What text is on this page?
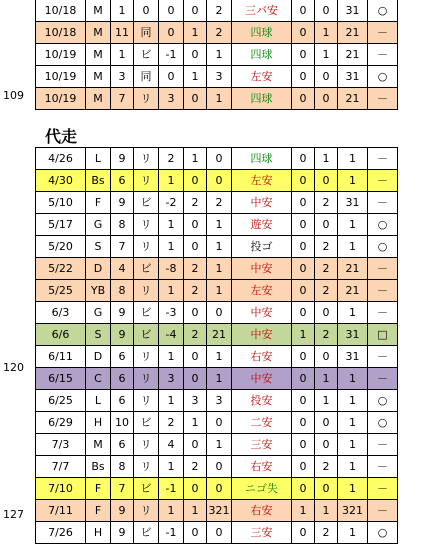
109
代走
120
127
10/18	M	1	0	0	0	2	三バ安	0	0	31	○
10/18	M	11	同	0	1	2	四球	0	1	21	－
10/19	M	1	ビ	-1	0	1	四球	0	1	21	－
10/19	M	3	同	0	1	3	左安	0	0	31	○
10/19	M	7	リ	3	0	1	四球	0	0	21	－
4/26	L	9	リ	2	1	0	四球	0	1	1	－
4/30	Bs	6	リ	1	0	0	左安	0	0	1	－
5/10	F	9	ビ	-2	2	2	中安	0	2	31	－
5/17	G	8	リ	1	0	1	遊安	0	0	1	○
5/20	S	7	リ	1	0	1	投ゴ	0	2	1	○
5/22	D	4	ビ	-8	2	1	中安	0	2	21	－
5/25	YB	8	リ	1	2	1	左安	0	2	21	－
6/3	G	9	ビ	-3	0	0	中安	0	0	1	－
6/6	S	9	ビ	-4	2	21	中安	1	2	31	□
6/11	D	6	リ	1	0	1	右安	0	0	31	－
6/15	C	6	リ	3	0	1	中安	0	1	1	－
6/25	L	6	リ	1	3	3	投安	0	1	1	○
6/29	H	10	ビ	2	1	0	二安	0	0	1	○
7/3	M	6	リ	4	0	1	三安	0	0	1	－
7/7	Bs	8	リ	1	2	0	右安	0	2	1	－
7/10	F	7	ビ	-1	0	0	ニゴ失	0	0	1	－
7/11	F	9	リ	1	1	321	右安	1	1	321	－
7/26	H	9	ビ	-1	0	0	三安	0	2	1	○
